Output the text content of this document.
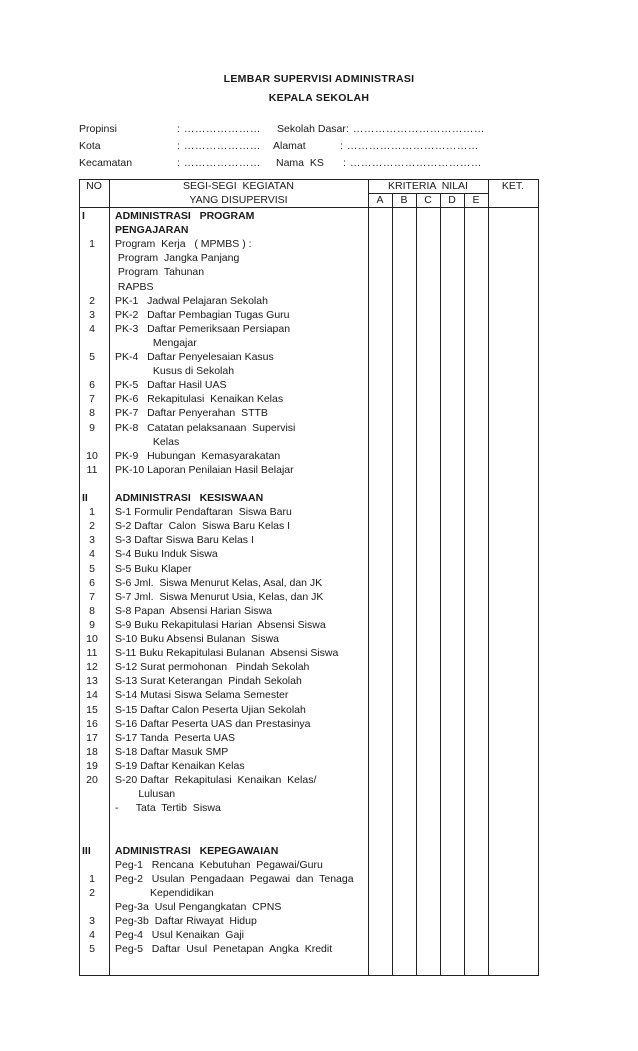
LEMBAR SUPERVISI ADMINISTRASI
KEPALA SEKOLAH
Propinsi	: …………………
Kota	: …………………
Kecamatan	: …………………
Sekolah Dasar : ………………………………
Alamat	: ………………………………
Nama  KS : ………………………………
NO	SEGI-SEGI  KEGIATAN
YANG DISUPERVISI
KRITERIA  NILAI
A	B	C	D	E
KET.
I	ADMINISTRASI   PROGRAM
PENGAJARAN
1	Program  Kerja   ( MPMBS ) :
Program  Jangka Panjang
Program  Tahunan
RAPBS
2	PK-1   Jadwal Pelajaran Sekolah
3	PK-2   Daftar Pembagian Tugas Guru
4	PK-3   Daftar Pemeriksaan Persiapan
Mengajar
5	PK-4   Daftar Penyelesaian Kasus
Kusus di Sekolah
6	PK-5   Daftar Hasil UAS
7	PK-6   Rekapitulasi  Kenaikan Kelas
8	PK-7   Daftar Penyerahan  STTB
9	PK-8   Catatan pelaksanaan  Supervisi
Kelas
10	PK-9   Hubungan  Kemasyarakatan
11	PK-10 Laporan Penilaian Hasil Belajar
II	ADMINISTRASI   KESISWAAN
1	S-1 Formulir Pendaftaran  Siswa Baru
2	S-2 Daftar  Calon  Siswa Baru Kelas I
3	S-3 Daftar Siswa Baru Kelas I
4	S-4 Buku Induk Siswa
5	S-5 Buku Klaper
6	S-6 Jml.  Siswa Menurut Kelas, Asal, dan JK
7	S-7 Jml.  Siswa Menurut Usia, Kelas, dan JK
8	S-8 Papan  Absensi Harian Siswa
9	S-9 Buku Rekapitulasi Harian  Absensi Siswa
10	S-10 Buku Absensi Bulanan  Siswa
11	S-11 Buku Rekapitulasi Bulanan  Absensi Siswa
12	S-12 Surat permohonan   Pindah Sekolah
13	S-13 Surat Keterangan  Pindah Sekolah
14	S-14 Mutasi Siswa Selama Semester
15	S-15 Daftar Calon Peserta Ujian Sekolah
16	S-16 Daftar Peserta UAS dan Prestasinya
17	S-17 Tanda  Peserta UAS
18	S-18 Daftar Masuk SMP
19	S-19 Daftar Kenaikan Kelas
20	S-20 Daftar  Rekapitulasi  Kenaikan  Kelas/
Lulusan
-      Tata  Tertib  Siswa
III	ADMINISTRASI   KEPEGAWAIAN
Peg-1   Rencana  Kebutuhan  Pegawai/Guru
1	Peg-2   Usulan  Pengadaan  Pegawai  dan  Tenaga
2	Kependidikan
Peg-3a  Usul Pengangkatan  CPNS
3	Peg-3b  Daftar Riwayat  Hidup
4	Peg-4   Usul Kenaikan  Gaji
5	Peg-5   Daftar  Usul  Penetapan  Angka  Kredit
